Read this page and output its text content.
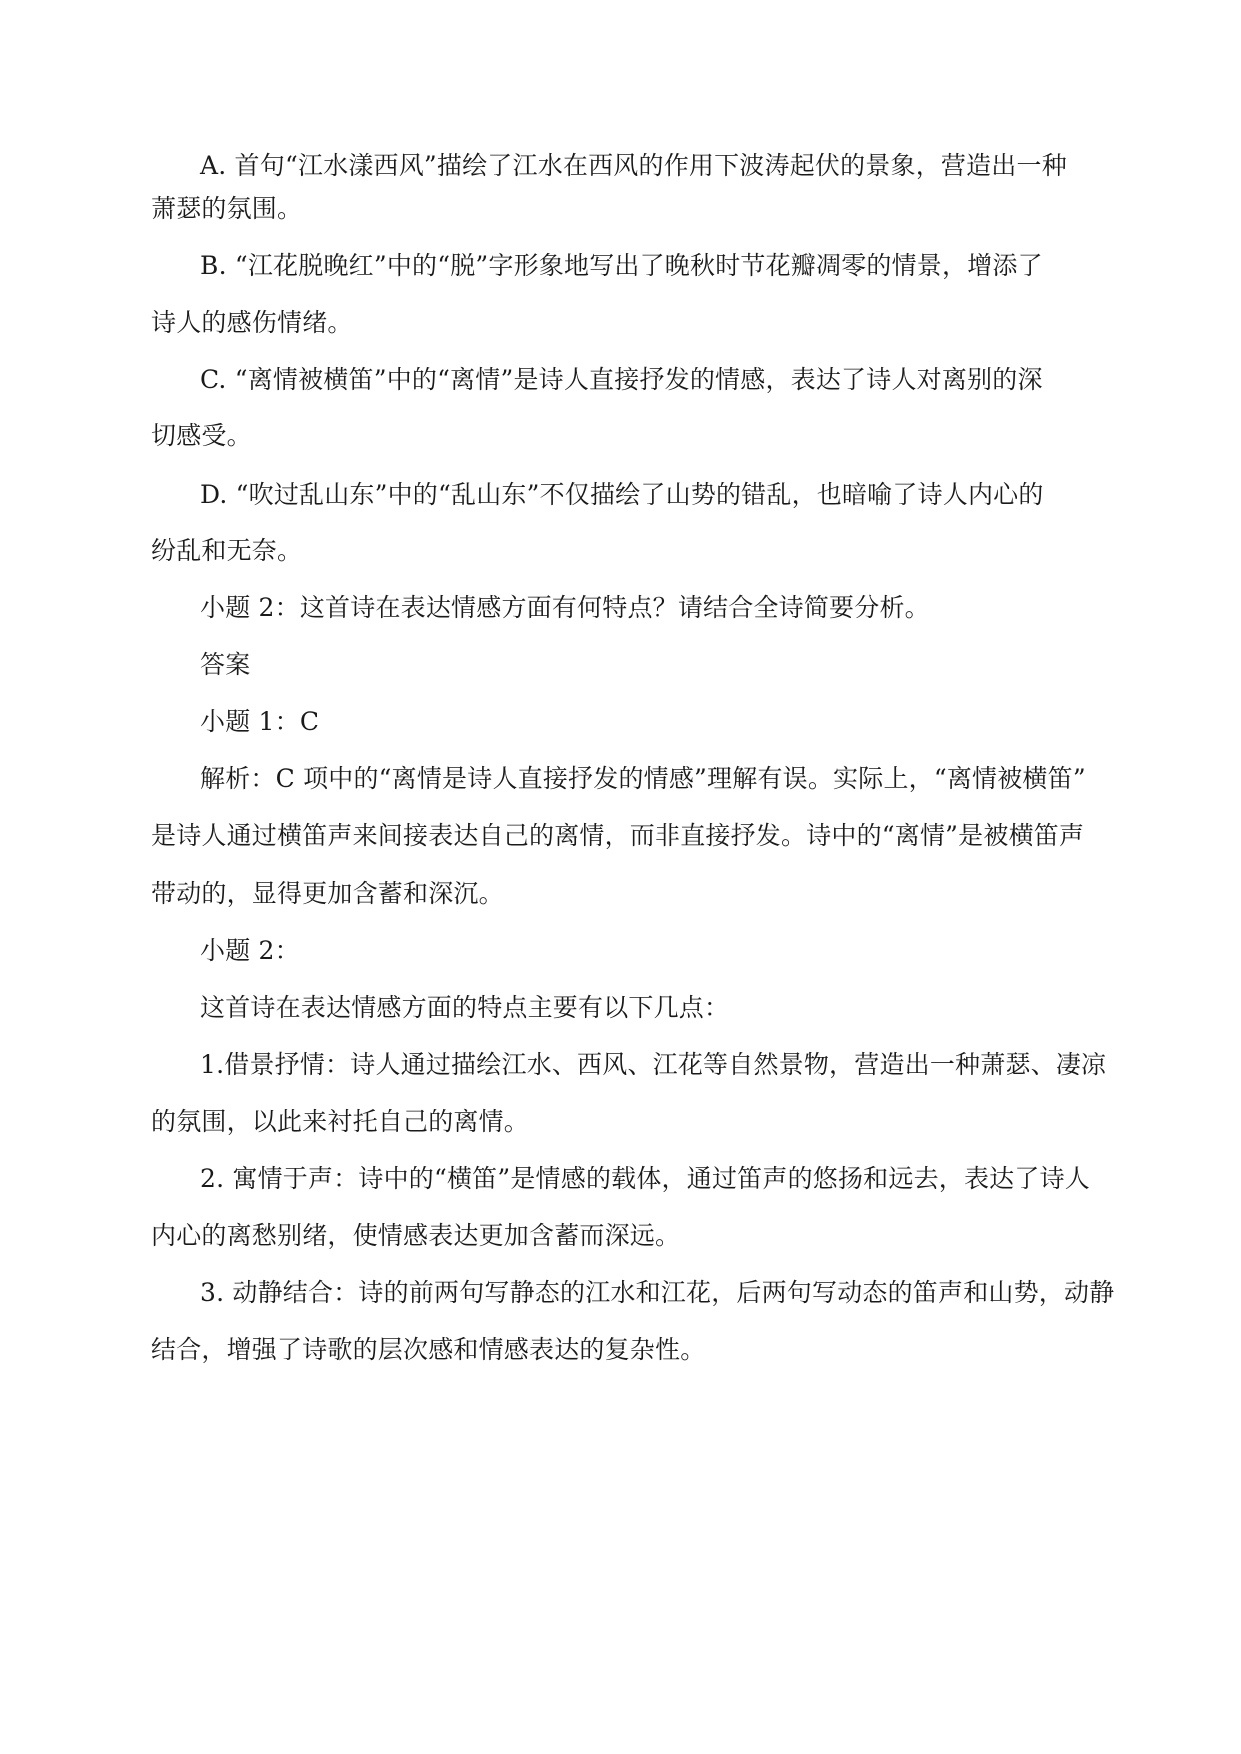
A. 首句“江水漾西风”描绘了江水在西风的作用下波涛起伏的景象，营造出一种
萧瑟的氛围。
B. “江花脱晚红”中的“脱”字形象地写出了晚秋时节花瓣凋零的情景，增添了
诗人的感伤情绪。
C. “离情被横笛”中的“离情”是诗人直接抒发的情感，表达了诗人对离别的深
切感受。
D. “吹过乱山东”中的“乱山东”不仅描绘了山势的错乱，也暗喻了诗人内心的
纷乱和无奈。
小题 2：这首诗在表达情感方面有何特点？请结合全诗简要分析。
答案
小题 1：C
解析：C 项中的“离情是诗人直接抒发的情感”理解有误。实际上，“离情被横笛”
是诗人通过横笛声来间接表达自己的离情，而非直接抒发。诗中的“离情”是被横笛声
带动的，显得更加含蓄和深沉。
小题 2：
这首诗在表达情感方面的特点主要有以下几点：
1.借景抒情：诗人通过描绘江水、西风、江花等自然景物，营造出一种萧瑟、凄凉
的氛围，以此来衬托自己的离情。
2. 寓情于声：诗中的“横笛”是情感的载体，通过笛声的悠扬和远去，表达了诗人
内心的离愁别绪，使情感表达更加含蓄而深远。
3. 动静结合：诗的前两句写静态的江水和江花，后两句写动态的笛声和山势，动静
结合，增强了诗歌的层次感和情感表达的复杂性。
